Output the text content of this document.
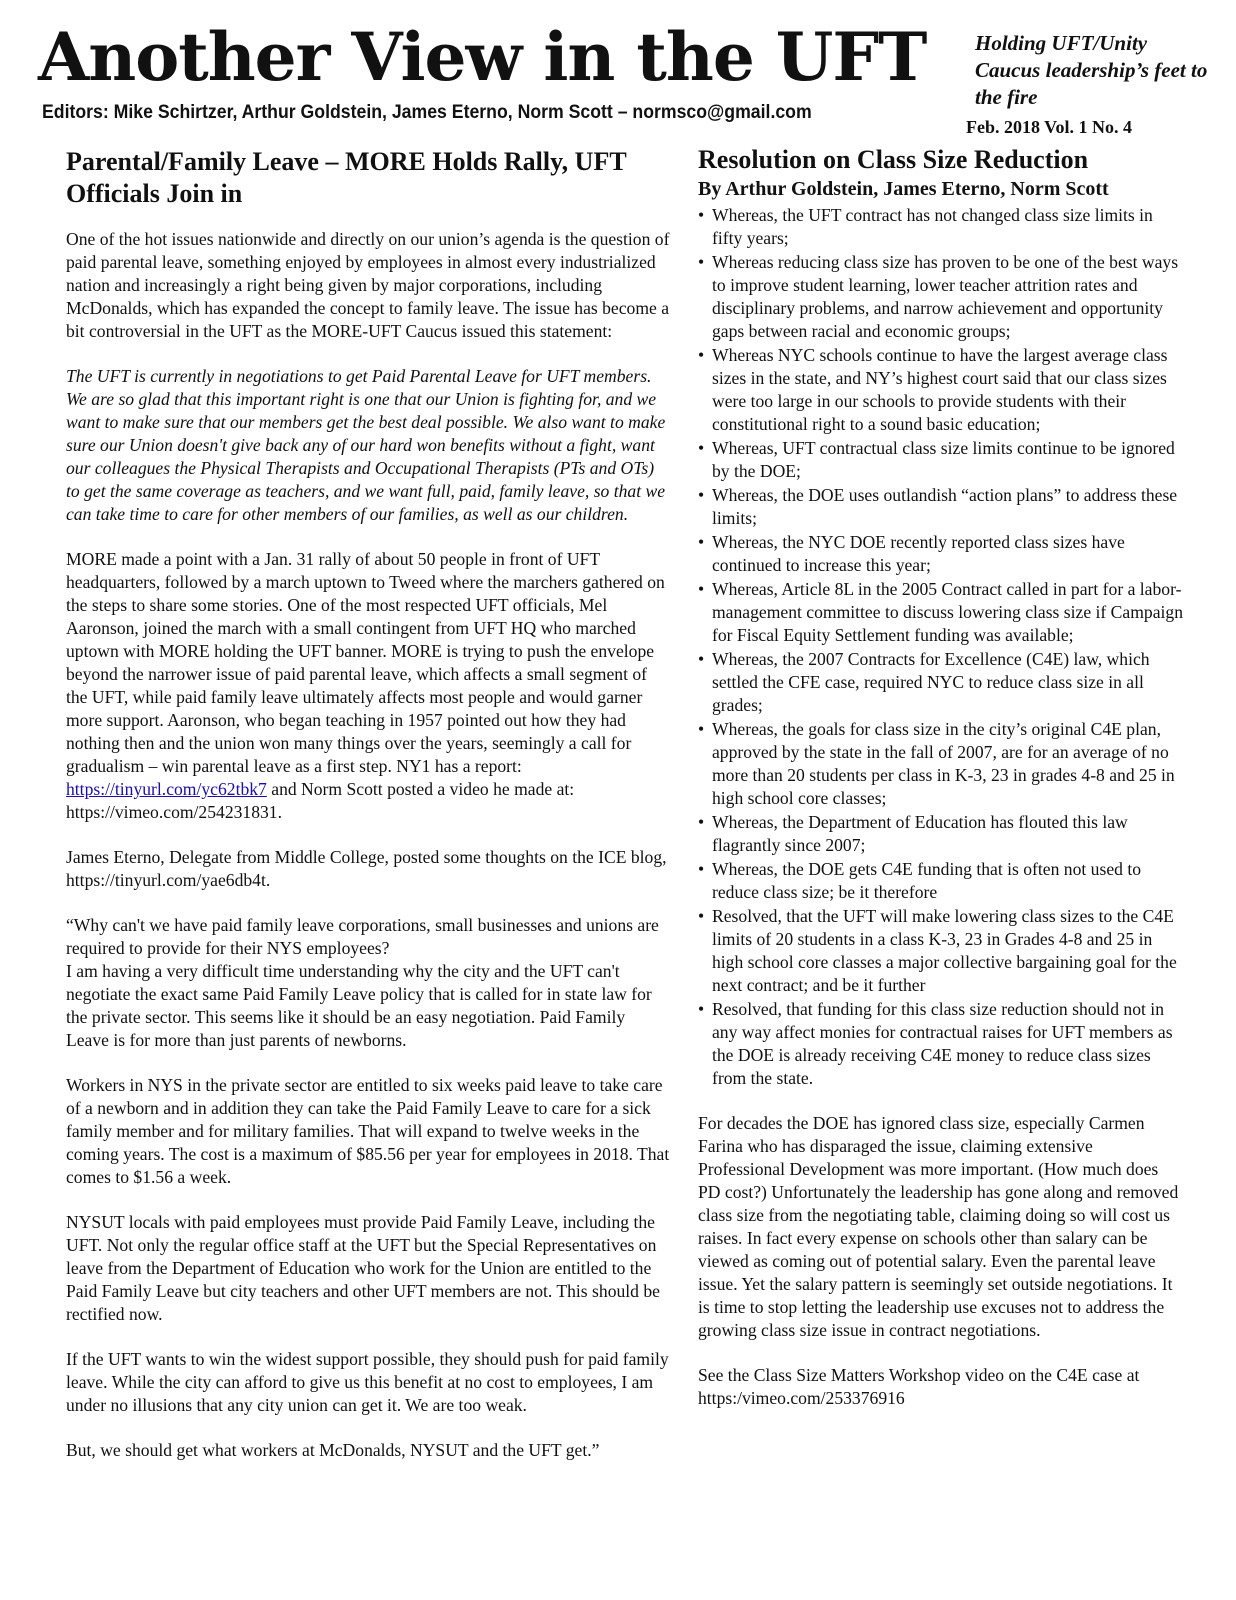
Another View in the UFT
Editors: Mike Schirtzer, Arthur Goldstein, James Eterno, Norm Scott – normsco@gmail.com
Holding UFT/Unity Caucus leadership’s feet to the fire
Feb. 2018 Vol. 1 No. 4
Parental/Family Leave – MORE Holds Rally, UFT Officials Join in

One of the hot issues nationwide and directly on our union’s agenda is the question of paid parental leave, something enjoyed by employees in almost every industrialized nation and increasingly a right being given by major corporations, including McDonalds, which has expanded the concept to family leave. The issue has become a bit controversial in the UFT as the MORE-UFT Caucus issued this statement:

The UFT is currently in negotiations to get Paid Parental Leave for UFT members. We are so glad that this important right is one that our Union is fighting for, and we want to make sure that our members get the best deal possible. We also want to make sure our Union doesn't give back any of our hard won benefits without a fight, want our colleagues the Physical Therapists and Occupational Therapists (PTs and OTs) to get the same coverage as teachers, and we want full, paid, family leave, so that we can take time to care for other members of our families, as well as our children.

MORE made a point with a Jan. 31 rally of about 50 people in front of UFT headquarters, followed by a march uptown to Tweed where the marchers gathered on the steps to share some stories. One of the most respected UFT officials, Mel Aaronson, joined the march with a small contingent from UFT HQ who marched uptown with MORE holding the UFT banner. MORE is trying to push the envelope beyond the narrower issue of paid parental leave, which affects a small segment of the UFT, while paid family leave ultimately affects most people and would garner more support. Aaronson, who began teaching in 1957 pointed out how they had nothing then and the union won many things over the years, seemingly a call for gradualism – win parental leave as a first step. NY1 has a report: https://tinyurl.com/yc62tbk7 and Norm Scott posted a video he made at: https://vimeo.com/254231831.

James Eterno, Delegate from Middle College, posted some thoughts on the ICE blog, https://tinyurl.com/yae6db4t.

“Why can't we have paid family leave corporations, small businesses and unions are required to provide for their NYS employees?
I am having a very difficult time understanding why the city and the UFT can't negotiate the exact same Paid Family Leave policy that is called for in state law for the private sector. This seems like it should be an easy negotiation. Paid Family Leave is for more than just parents of newborns.

Workers in NYS in the private sector are entitled to six weeks paid leave to take care of a newborn and in addition they can take the Paid Family Leave to care for a sick family member and for military families. That will expand to twelve weeks in the coming years. The cost is a maximum of $85.56 per year for employees in 2018. That comes to $1.56 a week.

NYSUT locals with paid employees must provide Paid Family Leave, including the UFT. Not only the regular office staff at the UFT but the Special Representatives on leave from the Department of Education who work for the Union are entitled to the Paid Family Leave but city teachers and other UFT members are not. This should be rectified now.

If the UFT wants to win the widest support possible, they should push for paid family leave. While the city can afford to give us this benefit at no cost to employees, I am under no illusions that any city union can get it. We are too weak.

But, we should get what workers at McDonalds, NYSUT and the UFT get.”

Resolution on Class Size Reduction
By Arthur Goldstein, James Eterno, Norm Scott
• Whereas, the UFT contract has not changed class size limits in fifty years;
• Whereas reducing class size has proven to be one of the best ways to improve student learning, lower teacher attrition rates and disciplinary problems, and narrow achievement and opportunity gaps between racial and economic groups;
• Whereas NYC schools continue to have the largest average class sizes in the state, and NY’s highest court said that our class sizes were too large in our schools to provide students with their constitutional right to a sound basic education;
• Whereas, UFT contractual class size limits continue to be ignored by the DOE;
• Whereas, the DOE uses outlandish “action plans” to address these limits;
• Whereas, the NYC DOE recently reported class sizes have continued to increase this year;
• Whereas, Article 8L in the 2005 Contract called in part for a labor-management committee to discuss lowering class size if Campaign for Fiscal Equity Settlement funding was available;
• Whereas, the 2007 Contracts for Excellence (C4E) law, which settled the CFE case, required NYC to reduce class size in all grades;
• Whereas, the goals for class size in the city’s original C4E plan, approved by the state in the fall of 2007, are for an average of no more than 20 students per class in K-3, 23 in grades 4-8 and 25 in high school core classes;
• Whereas, the Department of Education has flouted this law flagrantly since 2007;
• Whereas, the DOE gets C4E funding that is often not used to reduce class size; be it therefore
• Resolved, that the UFT will make lowering class sizes to the C4E limits of 20 students in a class K-3, 23 in Grades 4-8 and 25 in high school core classes a major collective bargaining goal for the next contract; and be it further
• Resolved, that funding for this class size reduction should not in any way affect monies for contractual raises for UFT members as the DOE is already receiving C4E money to reduce class sizes from the state.

For decades the DOE has ignored class size, especially Carmen Farina who has disparaged the issue, claiming extensive Professional Development was more important. (How much does PD cost?) Unfortunately the leadership has gone along and removed class size from the negotiating table, claiming doing so will cost us raises. In fact every expense on schools other than salary can be viewed as coming out of potential salary. Even the parental leave issue. Yet the salary pattern is seemingly set outside negotiations. It is time to stop letting the leadership use excuses not to address the growing class size issue in contract negotiations.

See the Class Size Matters Workshop video on the C4E case at https:/vimeo.com/253376916
